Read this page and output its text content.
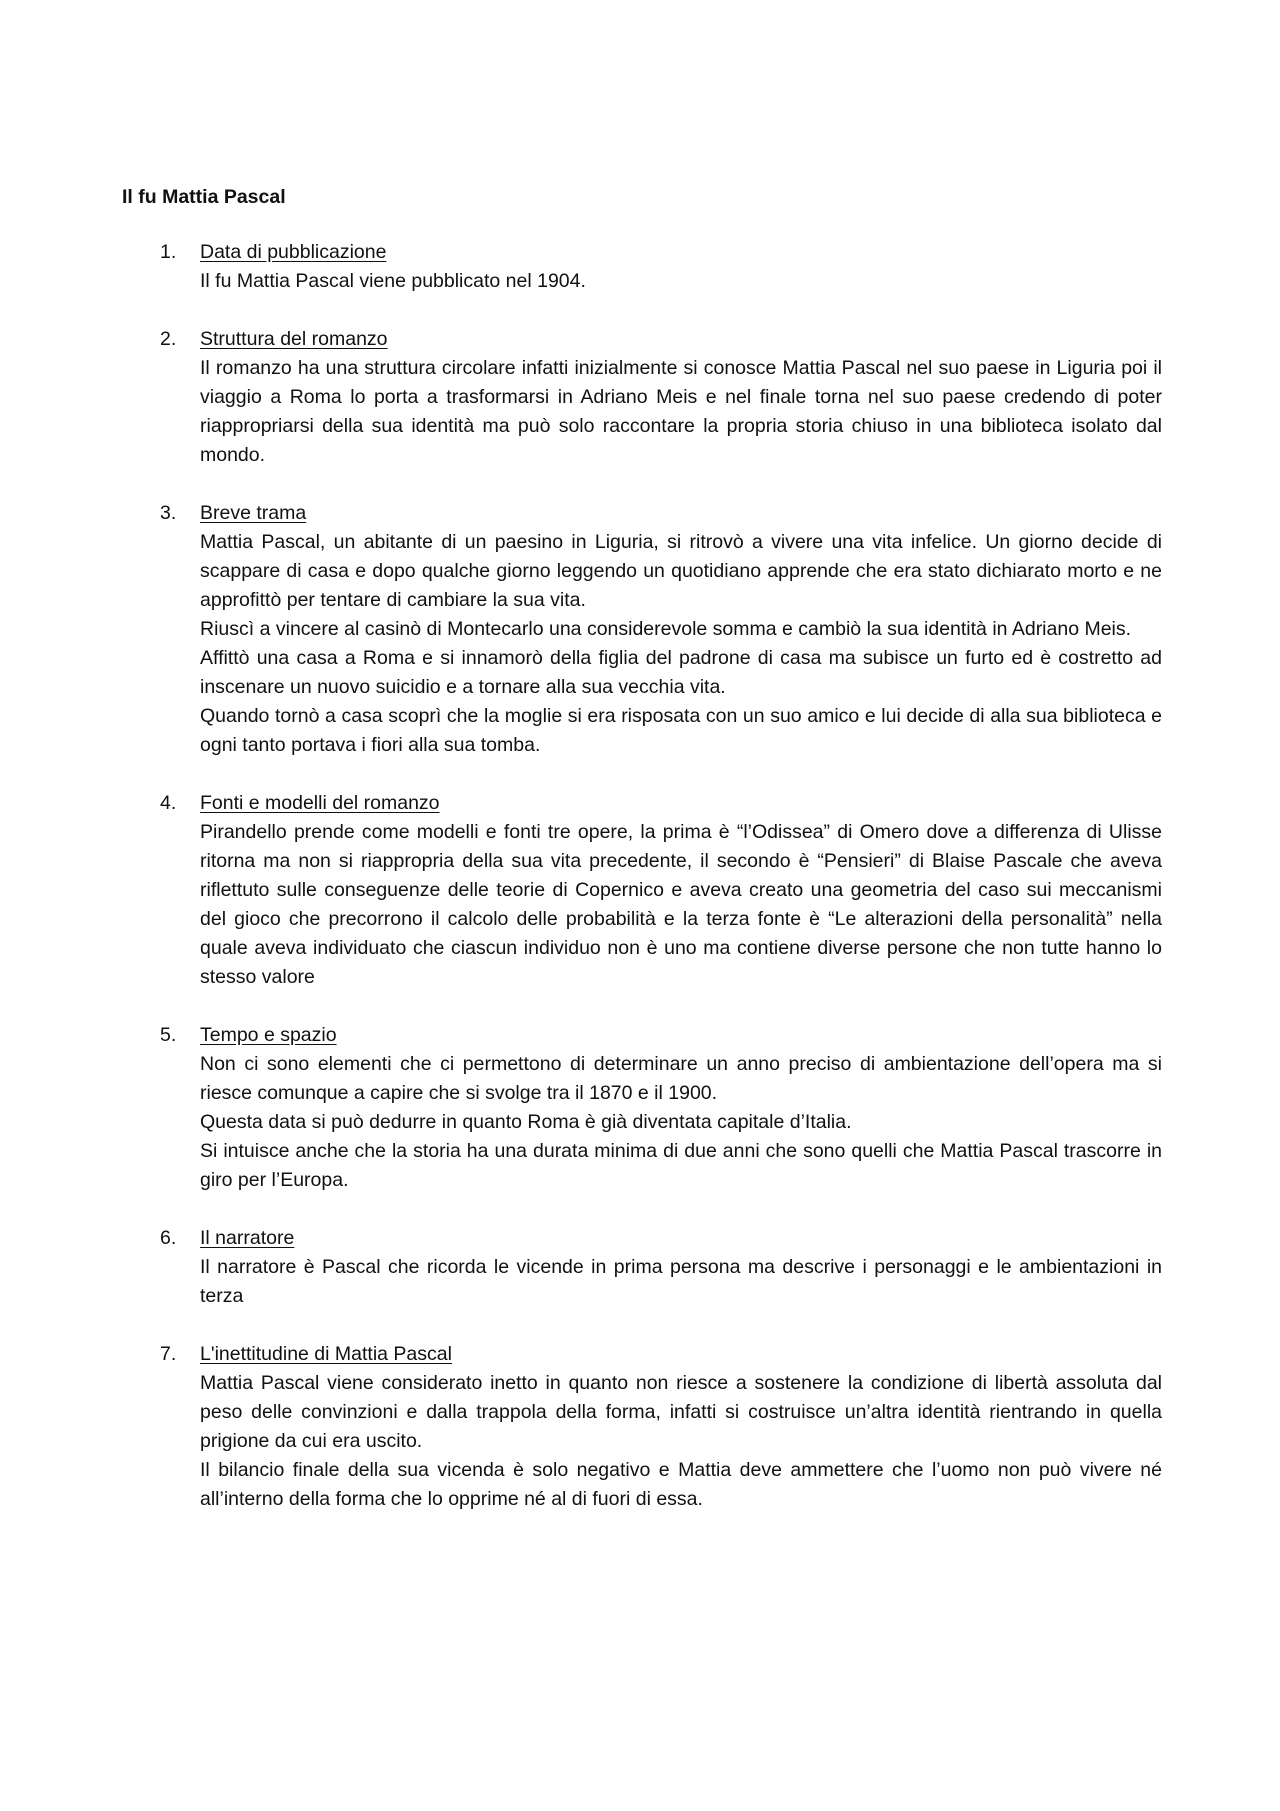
Il fu Mattia Pascal
1. Data di pubblicazione

Il fu Mattia Pascal viene pubblicato nel 1904.

2. Struttura del romanzo

Il romanzo ha una struttura circolare infatti inizialmente si conosce Mattia Pascal nel suo paese in Liguria poi il viaggio a Roma lo porta a trasformarsi in Adriano Meis e nel finale torna nel suo paese credendo di poter riappropriarsi della sua identità ma può solo raccontare la propria storia chiuso in una biblioteca isolato dal mondo.

3. Breve trama

Mattia Pascal, un abitante di un paesino in Liguria, si ritrovò a vivere una vita infelice. Un giorno decide di scappare di casa e dopo qualche giorno leggendo un quotidiano apprende che era stato dichiarato morto e ne approfittò per tentare di cambiare la sua vita.

Riuscì a vincere al casinò di Montecarlo una considerevole somma e cambiò la sua identità in Adriano Meis.

Affittò una casa a Roma e si innamorò della figlia del padrone di casa ma subisce un furto ed è costretto ad inscenare un nuovo suicidio e a tornare alla sua vecchia vita.

Quando tornò a casa scoprì che la moglie si era risposata con un suo amico e lui decide di alla sua biblioteca e ogni tanto portava i fiori alla sua tomba.

4. Fonti e modelli del romanzo

Pirandello prende come modelli e fonti tre opere, la prima è “l’Odissea” di Omero dove a differenza di Ulisse ritorna ma non si riappropria della sua vita precedente, il secondo è “Pensieri” di Blaise Pascale che aveva riflettuto sulle conseguenze delle teorie di Copernico e aveva creato una geometria del caso sui meccanismi del gioco che precorrono il calcolo delle probabilità e la terza fonte è “Le alterazioni della personalità” nella quale aveva individuato che ciascun individuo non è uno ma contiene diverse persone che non tutte hanno lo stesso valore

5. Tempo e spazio

Non ci sono elementi che ci permettono di determinare un anno preciso di ambientazione dell’opera ma si riesce comunque a capire che si svolge tra il 1870 e il 1900.

Questa data si può dedurre in quanto Roma è già diventata capitale d’Italia.

Si intuisce anche che la storia ha una durata minima di due anni che sono quelli che Mattia Pascal trascorre in giro per l’Europa.

6. Il narratore

Il narratore è Pascal che ricorda le vicende in prima persona ma descrive i personaggi e le ambientazioni in terza

7. L'inettitudine di Mattia Pascal

Mattia Pascal viene considerato inetto in quanto non riesce a sostenere la condizione di libertà assoluta dal peso delle convinzioni e dalla trappola della forma, infatti si costruisce un’altra identità rientrando in quella prigione da cui era uscito.

Il bilancio finale della sua vicenda è solo negativo e Mattia deve ammettere che l’uomo non può vivere né all’interno della forma che lo opprime né al di fuori di essa.
